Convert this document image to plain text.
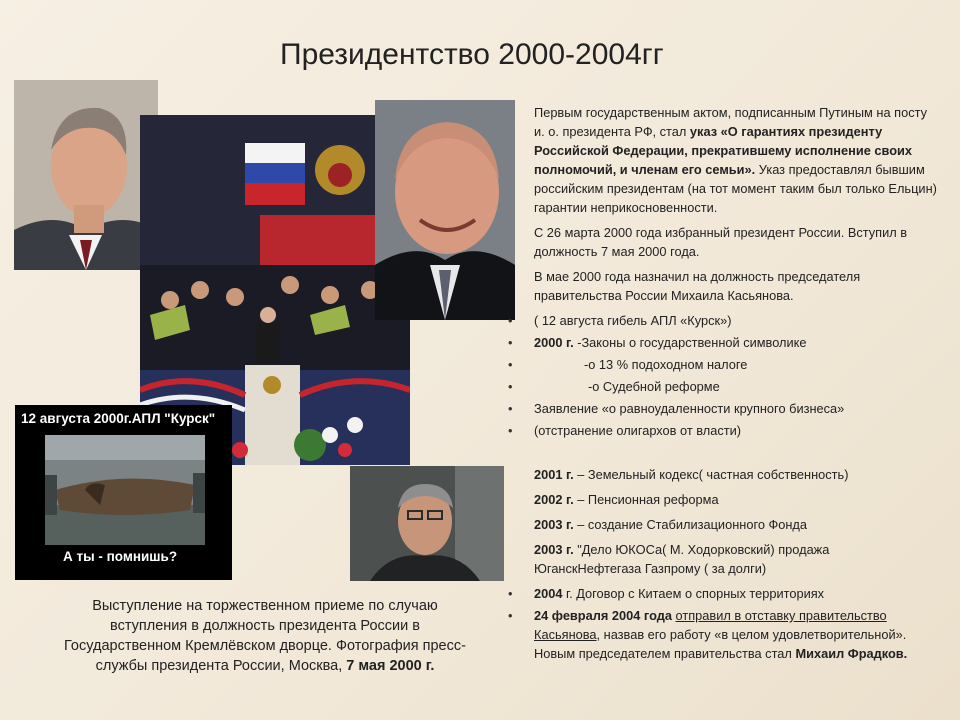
Президентство 2000-2004гг
12 августа 2000г.АПЛ "Курск"
А ты - помнишь?
Выступление на торжественном приеме по случаю вступления в должность президента России в Государственном Кремлёвском дворце. Фотография пресс-службы президента России, Москва, 7 мая 2000 г.

Первым государственным актом, подписанным Путиным на посту и. о. президента РФ, стал указ «О гарантиях президенту Российской Федерации, прекратившему исполнение своих полномочий, и членам его семьи». Указ предоставлял бывшим российским президентам (на тот момент таким был только Ельцин) гарантии неприкосновенности.

С 26 марта 2000 года избранный президент России. Вступил в должность 7 мая 2000 года.

В мае 2000 года назначил на должность председателя правительства России Михаила Касьянова.

• ( 12 августа гибель АПЛ «Курск»)
• 2000 г. -Законы о государственной символике
• -о 13 % подоходном налоге
• -о Судебной реформе
• Заявление «о равноудаленности крупного бизнеса»
• (отстранение олигархов от власти)

2001 г. – Земельный кодекс( частная собственность)

2002 г. – Пенсионная реформа

2003 г. – создание Стабилизационного Фонда

2003 г. "Дело ЮКОСа( М. Ходорковский) продажа ЮганскНефтегаза Газпрому ( за долги)

• 2004 г. Договор с Китаем о спорных территориях
• 24 февраля 2004 года отправил в отставку правительство Касьянова, назвав его работу «в целом удовлетворительной». Новым председателем правительства стал Михаил Фрадков.
